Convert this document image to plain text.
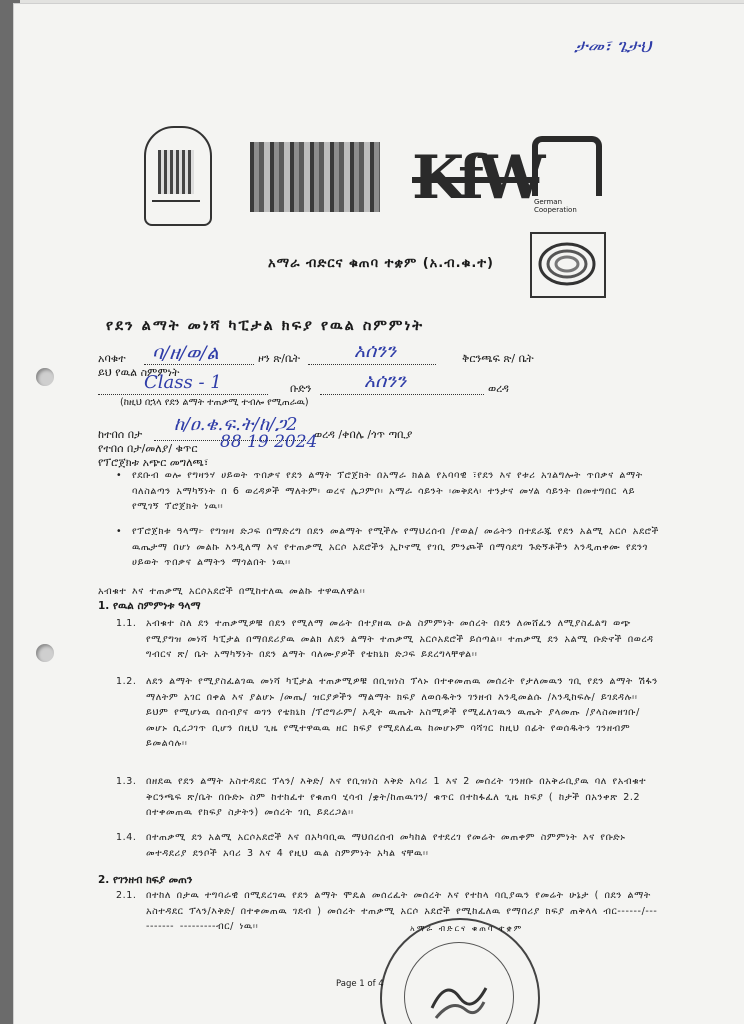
ታመ፣ ጌታህ
KfW
German
Cooperation
አማራ ብድርና ቁጠባ ተቋም (አ.ብ.ቁ.ተ)
የደን ልማት መነሻ ካፒታል ክፍያ የዉል ስምምነት
አባቁተ ባ/ዘ/ወ/ል	ዞን ጽ/ቤት	አሰንን	ቅርንጫፍ ጽ/ ቤት
ይህ የዉል ስምምነት
Class - 1	ቡድን	አሰንን	ወረዳ
(ከዚህ በኋላ የደን ልማት ተጠቃሚ ተብሎ የሚጠራዉ)
ከተበሰ በታ ከ/ዐ.ቄ.ፍ.ት/ከ/ጋ2 ወረዳ /ቀበሌ /ጎጥ ጣቢያ
የተበሰ በታ/መለያ/ ቁጥር 88 19 2024
የፕሮጀክቱ አጭር መግለጫ፣
•	የደቡብ ወሎ የግዛንሃ ሀይወት ጥበቃና የደን ልማት ፕሮጀክት በአማራ ክልል የአባባዊ ፣የደን እና የቱሪ አገልግሎት ጥበቃና ልማት ባለስልጣን አማካኝነት በ 6 ወረዳዎች ማለትም፡ ወረና ሌጋምቦ፡ አማራ ሳይንት ፡መቅደላ፡ ተንታና መሃል ሳይንት በመተግበር ላይ የሚገኝ ፕሮጀክት ነዉ፡፡
•	የፕሮጀክቱ ዓላማ፦ የግዝዛ ድጋፍ በማድረግ በደን መልማት የሚችሉ የማህረሰብ /የወል/ መሬትን በተደራጁ የደን አልሚ አርሶ አደሮች ዉጤታማ በሆነ መልኩ እንዲለማ እና የተጠቃሚ አርሶ አደሮችን ኢኮኖሚ የገቢ ምንጮች በማሳደግ ጉድኝቶችን እንዲጠቀሙ የደንጎ ሀይወት ጥበቃና ልማትን ማጎልበት ነዉ፡፡
አብቁተ እና ተጠቃሚ አርሶአደሮች በሚከተለዉ መልኩ ተዋዉለዋል፡፡
1. የዉል ስምምነቱ ዓላማ
1.1. አብቁተ ስለ ደን ተጠቃሚዎቹ በደን የሚለማ መሬት በተያዘዉ ዑል ስምምነት መሰረት በደን ለመሸፈን ለሚያስፈልግ ወጭ የሚያግዝ መነሻ ካፒታል በማበደሪያዉ መልክ ለደን ልማት ተጠቃሚ አርሶአደሮች ይሰጣል፡፡ ተጠቃሚ ደን አልሚ ቡድኖች በወረዳ ግብርና ጽ/ ቤት አማካኝነት በደን ልማት ባለሙያዎች የቴክኒክ ድጋፍ ይደረግላቸዋል፡፡
1.2. ለደን ልማት የሚያስፈልገዉ መነሻ ካፒታል ተጠቃሚዎቹ በቢዝነስ ፕላኑ በተቀመጠዉ መሰረት የታለመዉን ገቢ የደን ልማት ሽፋን ማለትም አገር በቀል እና ያልሆኑ /መጤ/ ዝርያዎችን ማልማት ክፍያ ለወሰዱትን ገንዘብ እንዲመልሱ /እንዲከፍሉ/ ይገደዳሉ፡፡ ይህም የሚሆነዉ በሰብያና ወገን የቴክኒክ /ፕሮግራም/ አዲት ዉጤት አስሚዎች የሚፈለገዉን ዉጤት ያላመጡ /ያላስመዘገቡ/ መሆኑ ሲረጋገጥ ቢሆን በዚህ ጊዜ የሚተዋዉዉ ዘር ክፍያ የሚደለፈዉ ከመሆኑም ባሻገር ከዚህ በፊት የወሰዱትን ገንዘብም ይመልሳሉ፡፡
1.3. በዘደዉ የደን ልማት አስተዳደር ፕላን/ እቅድ/ እና የቢዝነስ እቅድ አባሪ 1 እና 2 መሰረት ገንዘቡ በአቅራቢያዉ ባለ የአብቁተ ቅርንጫፍ ጽ/ቤት በቡድኑ ስም ከተከፈተ የቁጠባ ሂሳብ /ቋት/ከጠዉገን/ ቁጥር በተከፋፈለ ጊዜ ክፍያ ( ከታች በአንቀጽ 2.2 በተቀመጠዉ የክፍያ ስታትን) መሰረት ገቢ ይደረጋል፡፡
1.4. በተጠቃሚ ደን አልሚ አርሶአደሮች እና በአካባቢዉ ማህበረሰብ መካከል የተደረገ የመሬት መጠቀም ስምምነት እና የቡድኑ መተዳደሪያ ደንቦች አባሪ 3 እና 4 የዚህ ዉል ስምምነት አካል ናቸዉ፡፡
2. የገንዘብ ክፍያ መጠን
2.1. በተከለ በታዉ ተግባራዊ በሚደረገዉ የደን ልማት ሞዴል መሰረፈት መሰረት እና የተከላ ባቢያዉን የመሬት ሁኔታ ( በደን ልማት አስተዳደር ፕላን/እቅድ/ በተቀመጠዉ ገደብ ) መሰረት ተጠቃሚ አርሶ አደሮች የሚከፈለዉ የማበሪያ ክፍያ ጠቅላላ ብር------/---------- ---------ብር/ ነዉ፡፡	አማራ ብድርና ቁጠባ ተቋም
Page 1 of 4
